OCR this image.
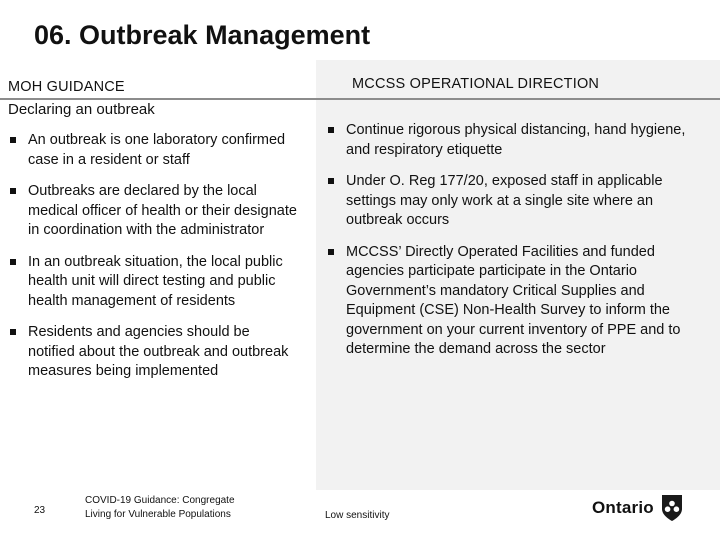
06. Outbreak Management
MOH GUIDANCE	MCCSS OPERATIONAL DIRECTION
Declaring an outbreak
An outbreak is one laboratory confirmed case in a resident or staff
Outbreaks are declared by the local medical officer of health or their designate in coordination with the administrator
In an outbreak situation, the local public health unit will direct testing and public health management of residents
Residents and agencies should be notified about the outbreak and outbreak measures being implemented
Continue rigorous physical distancing, hand hygiene, and respiratory etiquette
Under O. Reg 177/20, exposed staff in applicable settings may only work at a single site where an outbreak occurs
MCCSS’ Directly Operated Facilities and funded agencies participate participate in the Ontario Government’s mandatory Critical Supplies and Equipment (CSE) Non-Health Survey to inform the government on your current inventory of PPE and to determine the demand across the sector
23
COVID-19 Guidance: Congregate
Living for Vulnerable Populations	Low sensitivity	Ontario
